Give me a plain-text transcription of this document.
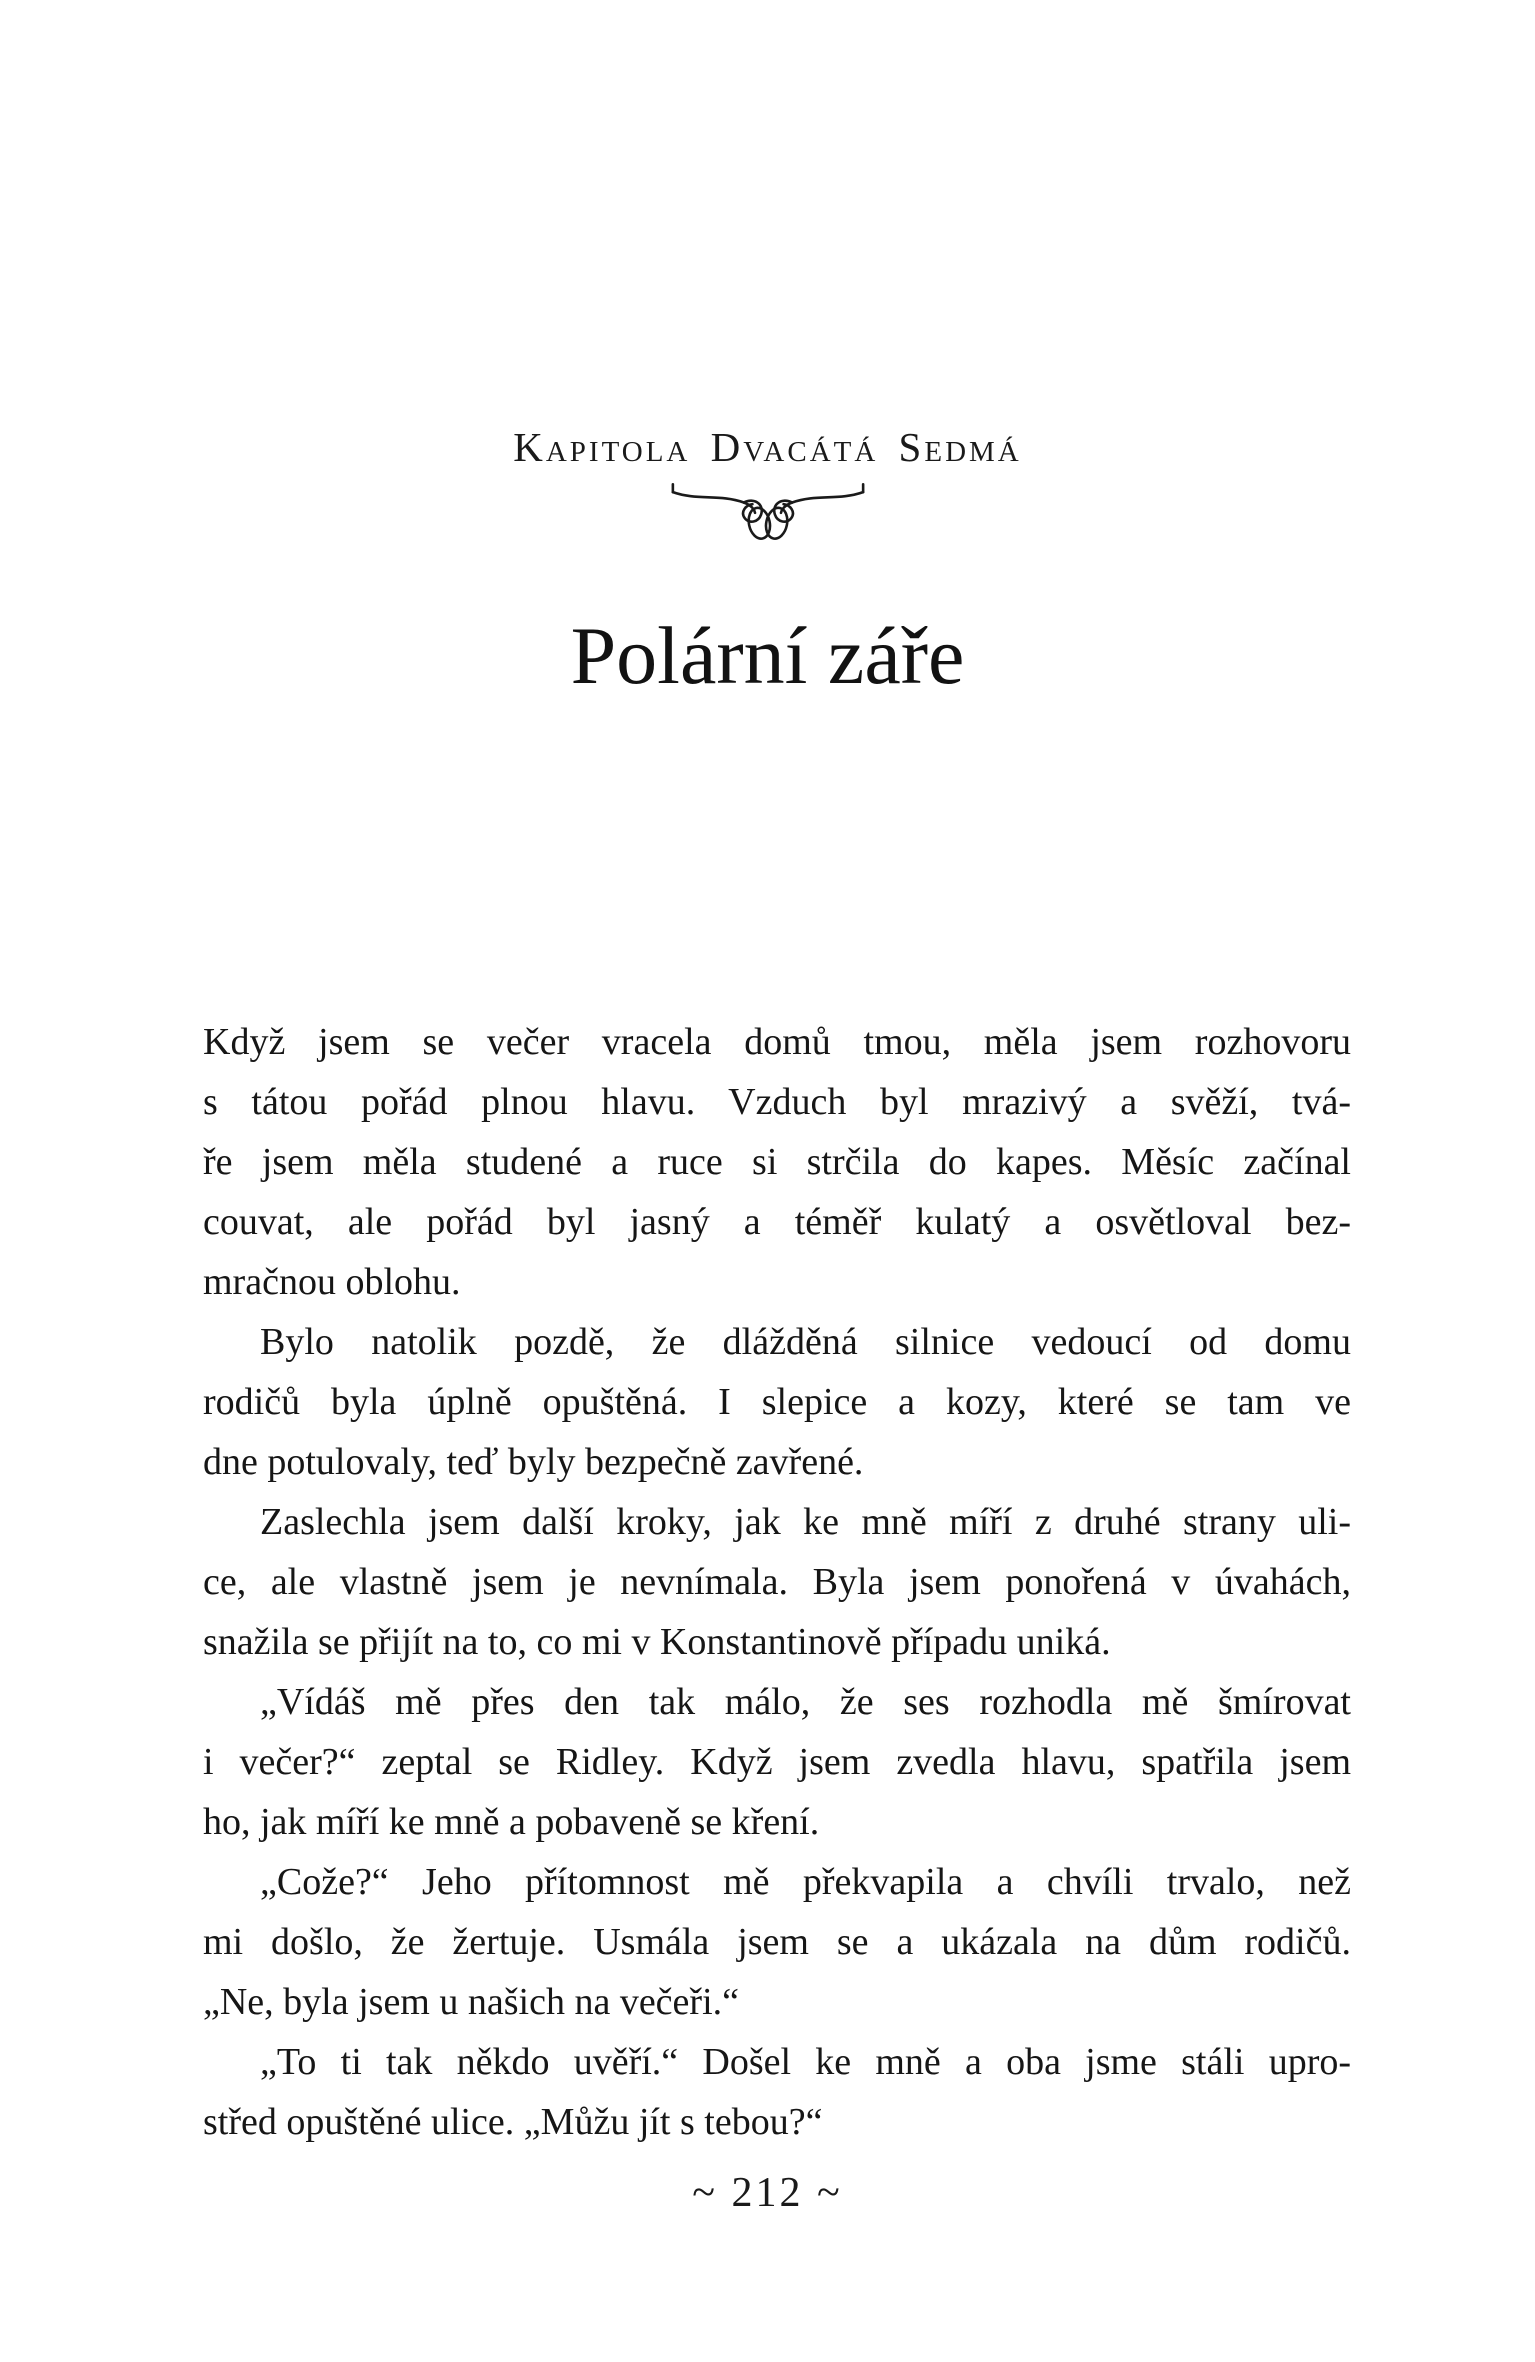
Kapitola Dvacátá Sedmá
Polární záře
Když jsem se večer vracela domů tmou, měla jsem rozhovoru
s tátou pořád plnou hlavu. Vzduch byl mrazivý a svěží, tvá-
ře jsem měla studené a ruce si strčila do kapes. Měsíc začínal
couvat, ale pořád byl jasný a téměř kulatý a osvětloval bez-
mračnou oblohu.
Bylo natolik pozdě, že dlážděná silnice vedoucí od domu
rodičů byla úplně opuštěná. I slepice a kozy, které se tam ve
dne potulovaly, teď byly bezpečně zavřené.
Zaslechla jsem další kroky, jak ke mně míří z druhé strany uli-
ce, ale vlastně jsem je nevnímala. Byla jsem ponořená v úvahách,
snažila se přijít na to, co mi v Konstantinově případu uniká.
„Vídáš mě přes den tak málo, že ses rozhodla mě šmírovat
i večer?“ zeptal se Ridley. Když jsem zvedla hlavu, spatřila jsem
ho, jak míří ke mně a pobaveně se kření.
„Cože?“ Jeho přítomnost mě překvapila a chvíli trvalo, než
mi došlo, že žertuje. Usmála jsem se a ukázala na dům rodičů.
„Ne, byla jsem u našich na večeři.“
„To ti tak někdo uvěří.“ Došel ke mně a oba jsme stáli upro-
střed opuštěné ulice. „Můžu jít s tebou?“
~ 212 ~
